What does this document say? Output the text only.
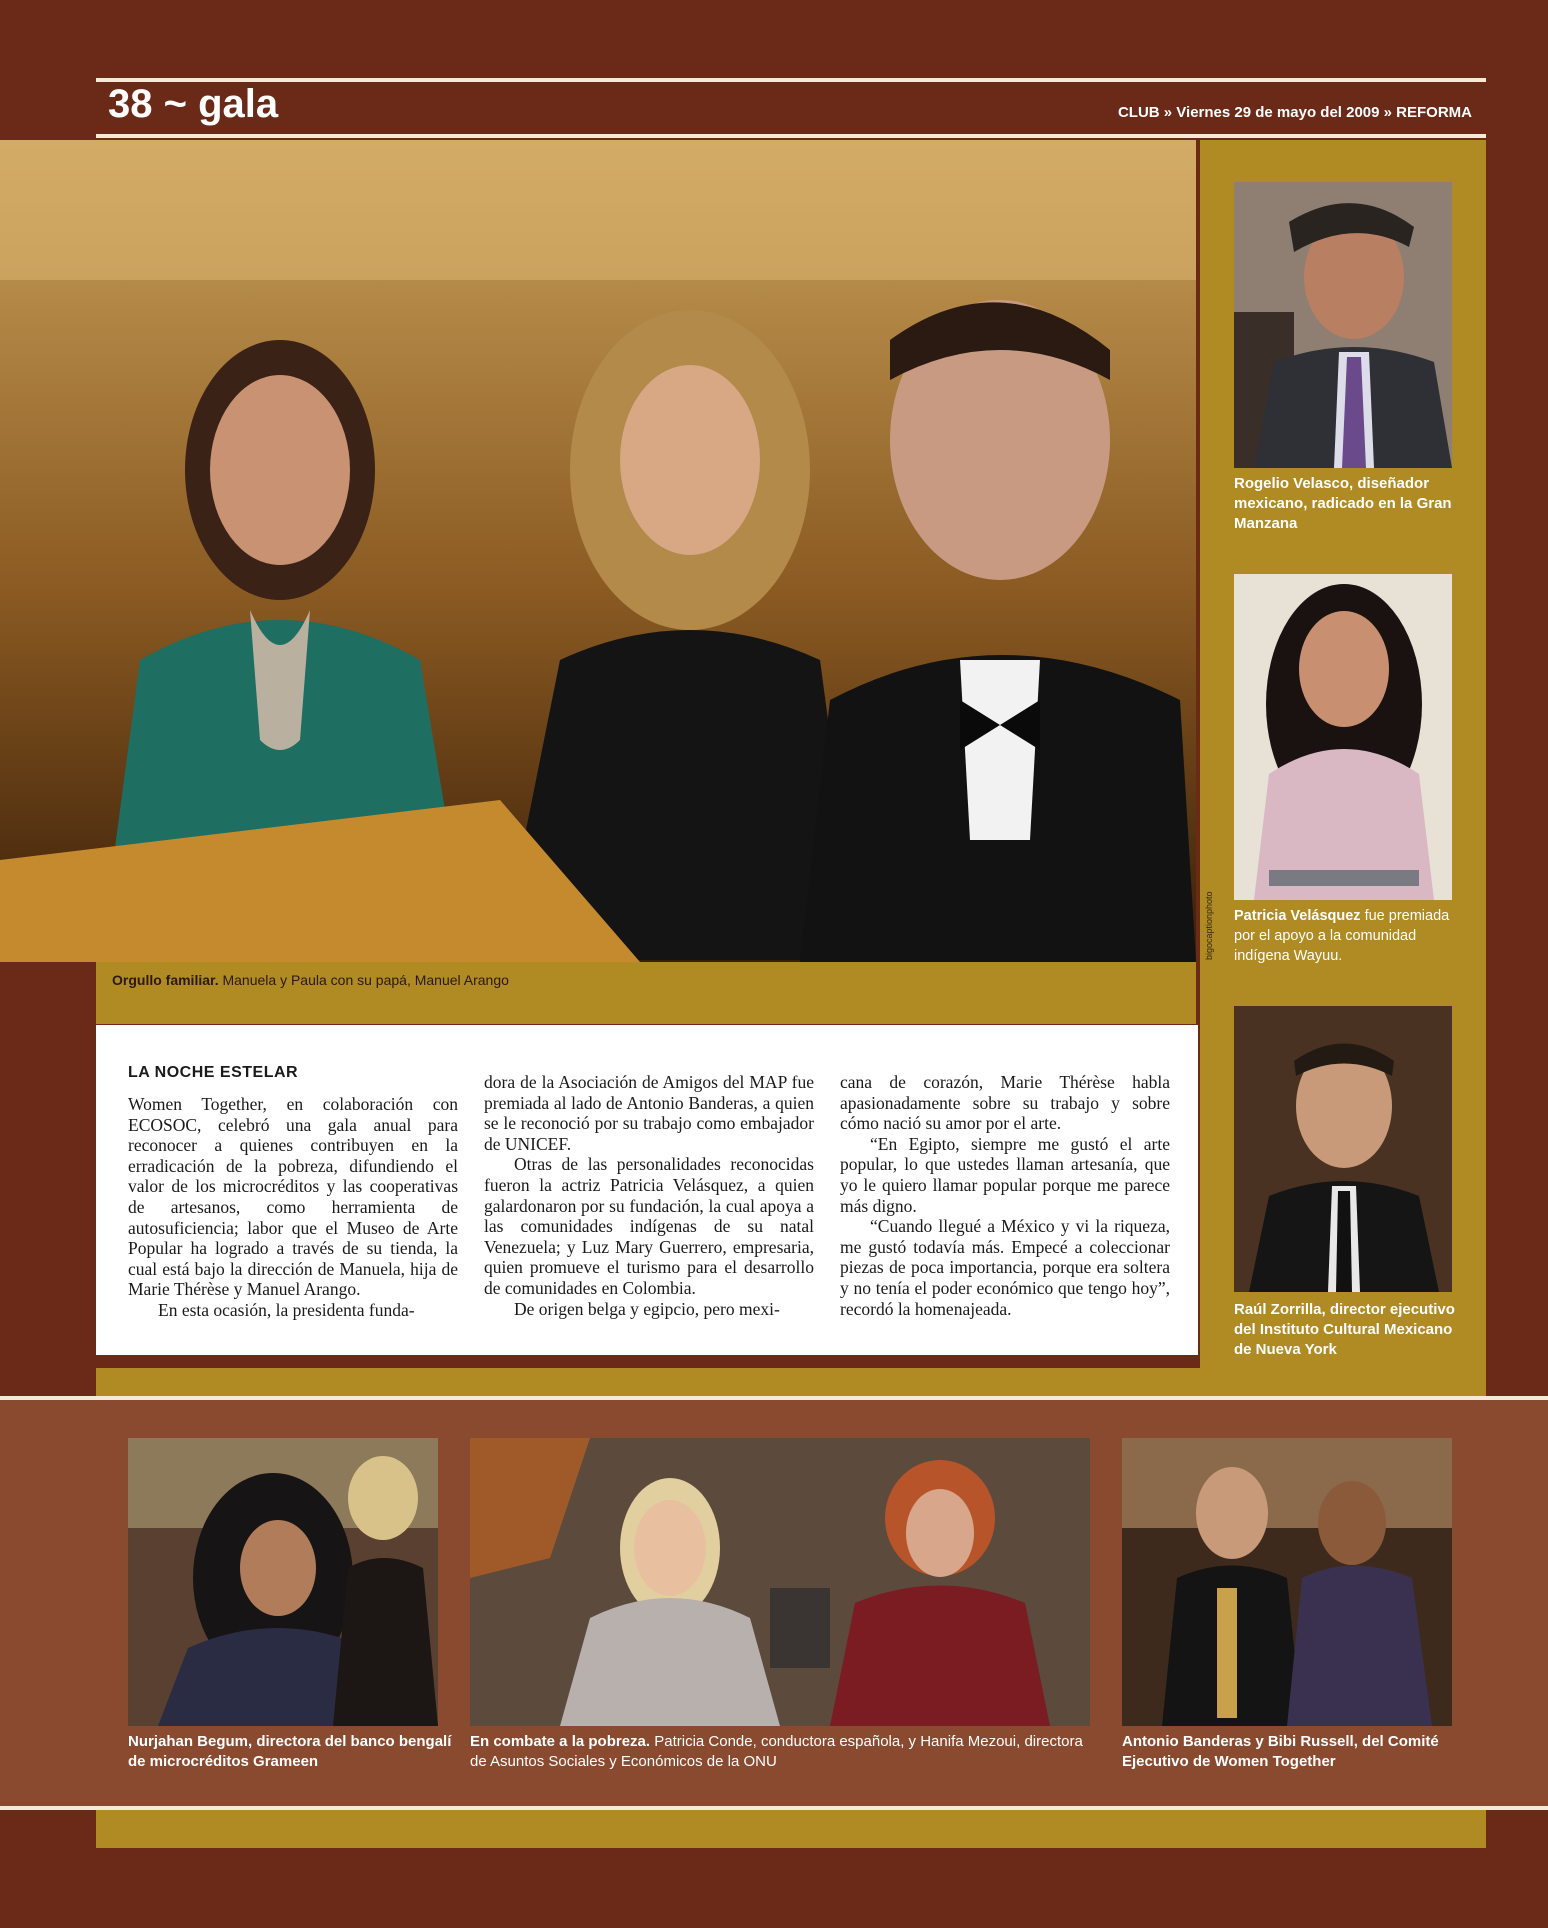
38 ~ gala	CLUB » Viernes 29 de mayo del 2009 » REFORMA
Orgullo familiar. Manuela y Paula con su papá, Manuel Arango
Rogelio Velasco, diseñador mexicano, radicado en la Gran Manzana
bigocaptionphoto	Patricia Velásquez fue premiada por el apoyo a la comunidad indígena Wayuu.
Raúl Zorrilla, director ejecutivo del Instituto Cultural Mexicano de Nueva York
LA NOCHE ESTELAR

Women Together, en colaboración con ECOSOC, celebró una gala anual para reconocer a quienes contribuyen en la erradicación de la pobreza, difundiendo el valor de los microcréditos y las cooperativas de artesanos, como herramienta de autosuficiencia; labor que el Museo de Arte Popular ha logrado a través de su tienda, la cual está bajo la dirección de Manuela, hija de Marie Thérèse y Manuel Arango.

En esta ocasión, la presidenta funda-

dora de la Asociación de Amigos del MAP fue premiada al lado de Antonio Banderas, a quien se le reconoció por su trabajo como embajador de UNICEF.

Otras de las personalidades reconocidas fueron la actriz Patricia Velásquez, a quien galardonaron por su fundación, la cual apoya a las comunidades indígenas de su natal Venezuela; y Luz Mary Guerrero, empresaria, quien promueve el turismo para el desarrollo de comunidades en Colombia.

De origen belga y egipcio, pero mexi-

cana de corazón, Marie Thérèse habla apasionadamente sobre su trabajo y sobre cómo nació su amor por el arte.

“En Egipto, siempre me gustó el arte popular, lo que ustedes llaman artesanía, que yo le quiero llamar popular porque me parece más digno.

“Cuando llegué a México y vi la riqueza, me gustó todavía más. Empecé a coleccionar piezas de poca importancia, porque era soltera y no tenía el poder económico que tengo hoy”, recordó la homenajeada.

Nurjahan Begum, directora del banco bengalí de microcréditos Grameen
En combate a la pobreza. Patricia Conde, conductora española, y Hanifa Mezoui, directora de Asuntos Sociales y Económicos de la ONU
Antonio Banderas y Bibi Russell, del Comité Ejecutivo de Women Together
